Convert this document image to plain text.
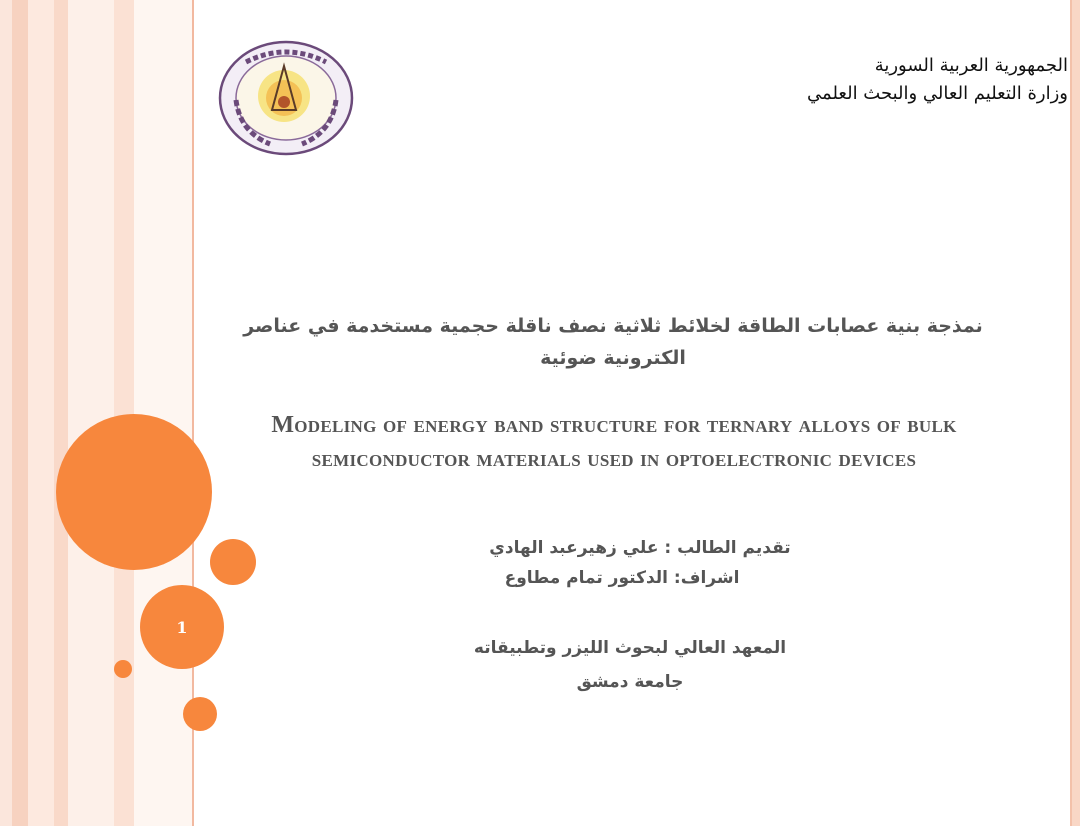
1
الجمهورية العربية السورية
وزارة التعليم العالي والبحث العلمي
نمذجة بنية عصابات الطاقة لخلائط ثلاثية نصف ناقلة حجمية مستخدمة في عناصر الكترونية ضوئية
Modeling of energy band structure for ternary alloys of bulk semiconductor materials used in optoelectronic devices
تقديم الطالب : علي زهيرعبد الهادي
اشراف: الدكتور تمام مطاوع
المعهد العالي لبحوث الليزر وتطبيقاته
جامعة دمشق
